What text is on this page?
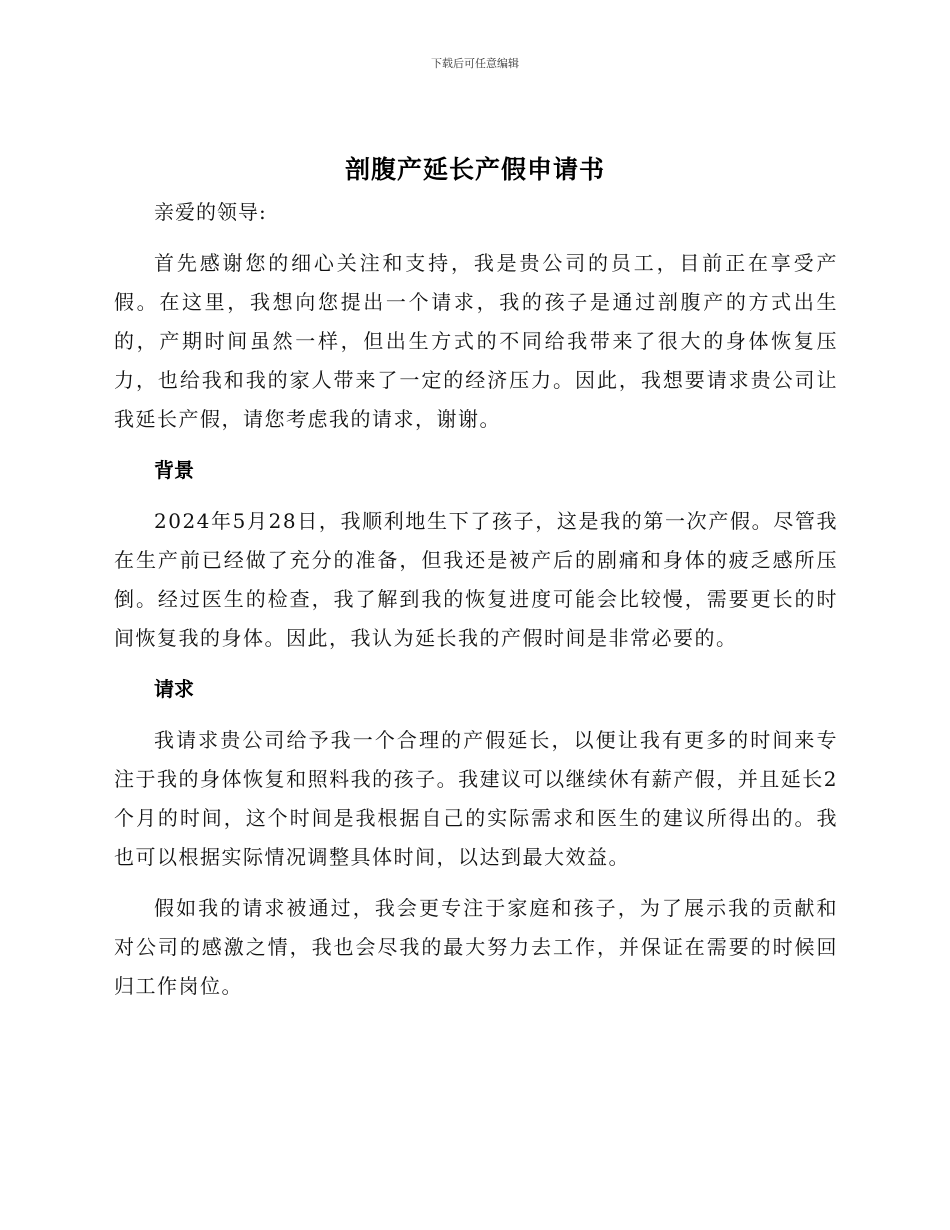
下载后可任意编辑
剖腹产延长产假申请书

亲爱的领导:

首先感谢您的细心关注和支持，我是贵公司的员工，目前正在享受产假。在这里，我想向您提出一个请求，我的孩子是通过剖腹产的方式出生的，产期时间虽然一样，但出生方式的不同给我带来了很大的身体恢复压力，也给我和我的家人带来了一定的经济压力。因此，我想要请求贵公司让我延长产假，请您考虑我的请求，谢谢。

背景

2024年5月28日，我顺利地生下了孩子，这是我的第一次产假。尽管我在生产前已经做了充分的准备，但我还是被产后的剧痛和身体的疲乏感所压倒。经过医生的检查，我了解到我的恢复进度可能会比较慢，需要更长的时间恢复我的身体。因此，我认为延长我的产假时间是非常必要的。

请求

我请求贵公司给予我一个合理的产假延长，以便让我有更多的时间来专注于我的身体恢复和照料我的孩子。我建议可以继续休有薪产假，并且延长2个月的时间，这个时间是我根据自己的实际需求和医生的建议所得出的。我也可以根据实际情况调整具体时间，以达到最大效益。

假如我的请求被通过，我会更专注于家庭和孩子，为了展示我的贡献和对公司的感激之情，我也会尽我的最大努力去工作，并保证在需要的时候回归工作岗位。
